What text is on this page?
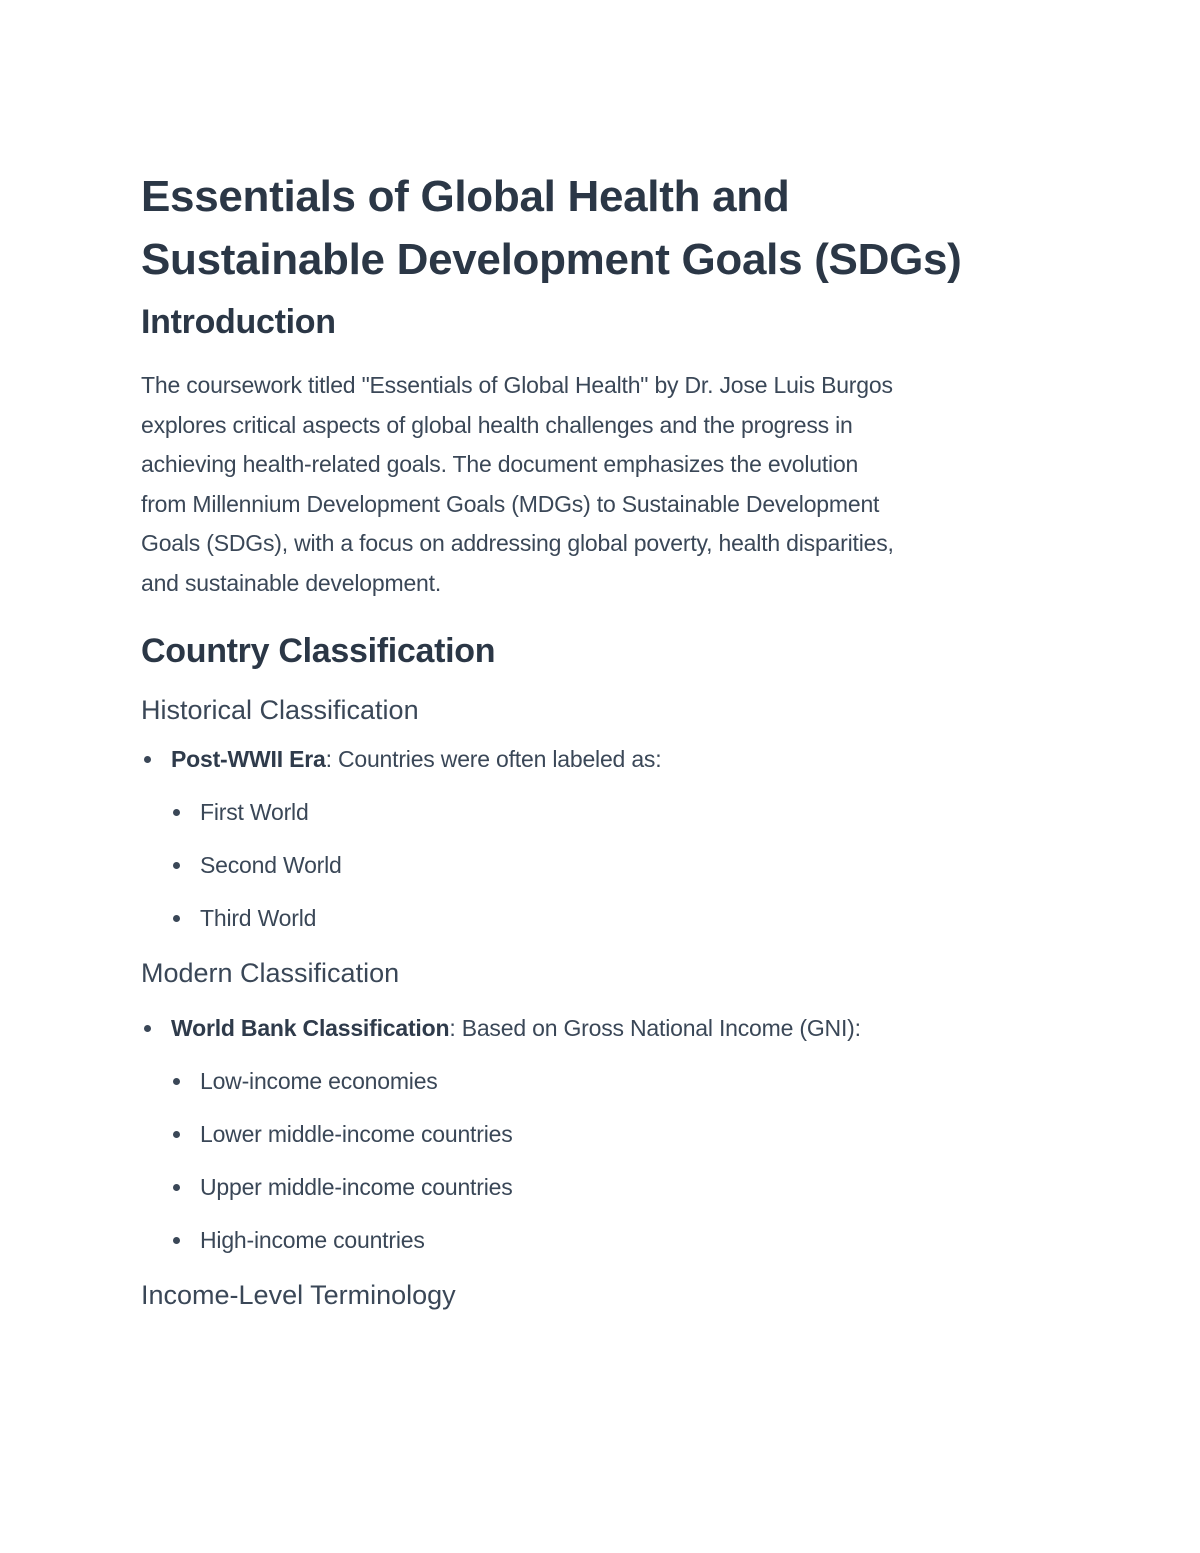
Essentials of Global Health and
Sustainable Development Goals (SDGs)
Introduction

The coursework titled "Essentials of Global Health" by Dr. Jose Luis Burgos
explores critical aspects of global health challenges and the progress in
achieving health-related goals. The document emphasizes the evolution
from Millennium Development Goals (MDGs) to Sustainable Development
Goals (SDGs), with a focus on addressing global poverty, health disparities,
and sustainable development.

Country Classification
Historical Classification
Post-WWII Era: Countries were often labeled as:
First World
Second World
Third World
Modern Classification
World Bank Classification: Based on Gross National Income (GNI):
Low-income economies
Lower middle-income countries
Upper middle-income countries
High-income countries
Income-Level Terminology
